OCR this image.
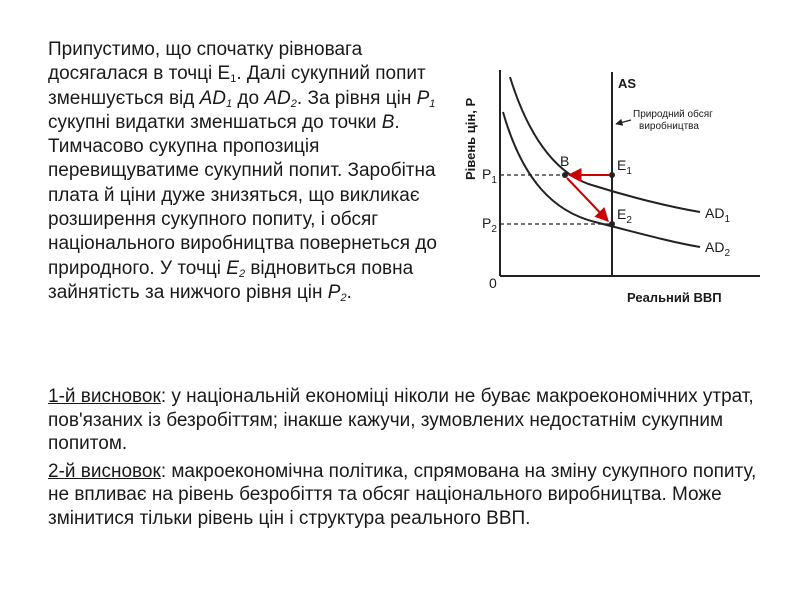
Припустимо, що спочатку рівновага досягалася в точці $Е_1$. Далі сукупний попит зменшується від $AD_1$ до $AD_2$. За рівня цін $P_1$ сукупні видатки зменшаться до точки В. Тимчасово сукупна пропозиція перевищуватиме сукупний попит. Заробітна плата й ціни дуже знизяться, що викликає розширення сукупного попиту, і обсяг національного виробництва повернеться до природного. У точці $Е_2$ відновиться повна зайнятість за нижчого рівня цін $P_2$.

Рівень цін, P
Реальний ВВП
0
AS
Природний обсяг
виробництва
$AD_1$
$AD_2$
$P_1$
$P_2$
B	$E_1$
$E_2$

1-й висновок: у національній економіці ніколи не буває макроекономічних утрат, пов'язаних із безробіттям; інакше кажучи, зумовлених недостатнім сукупним попитом.

2-й висновок: макроекономічна політика, спрямована на зміну сукупного попиту, не впливає на рівень безробіття та обсяг національного виробництва. Може змінитися тільки рівень цін і структура реального ВВП.
